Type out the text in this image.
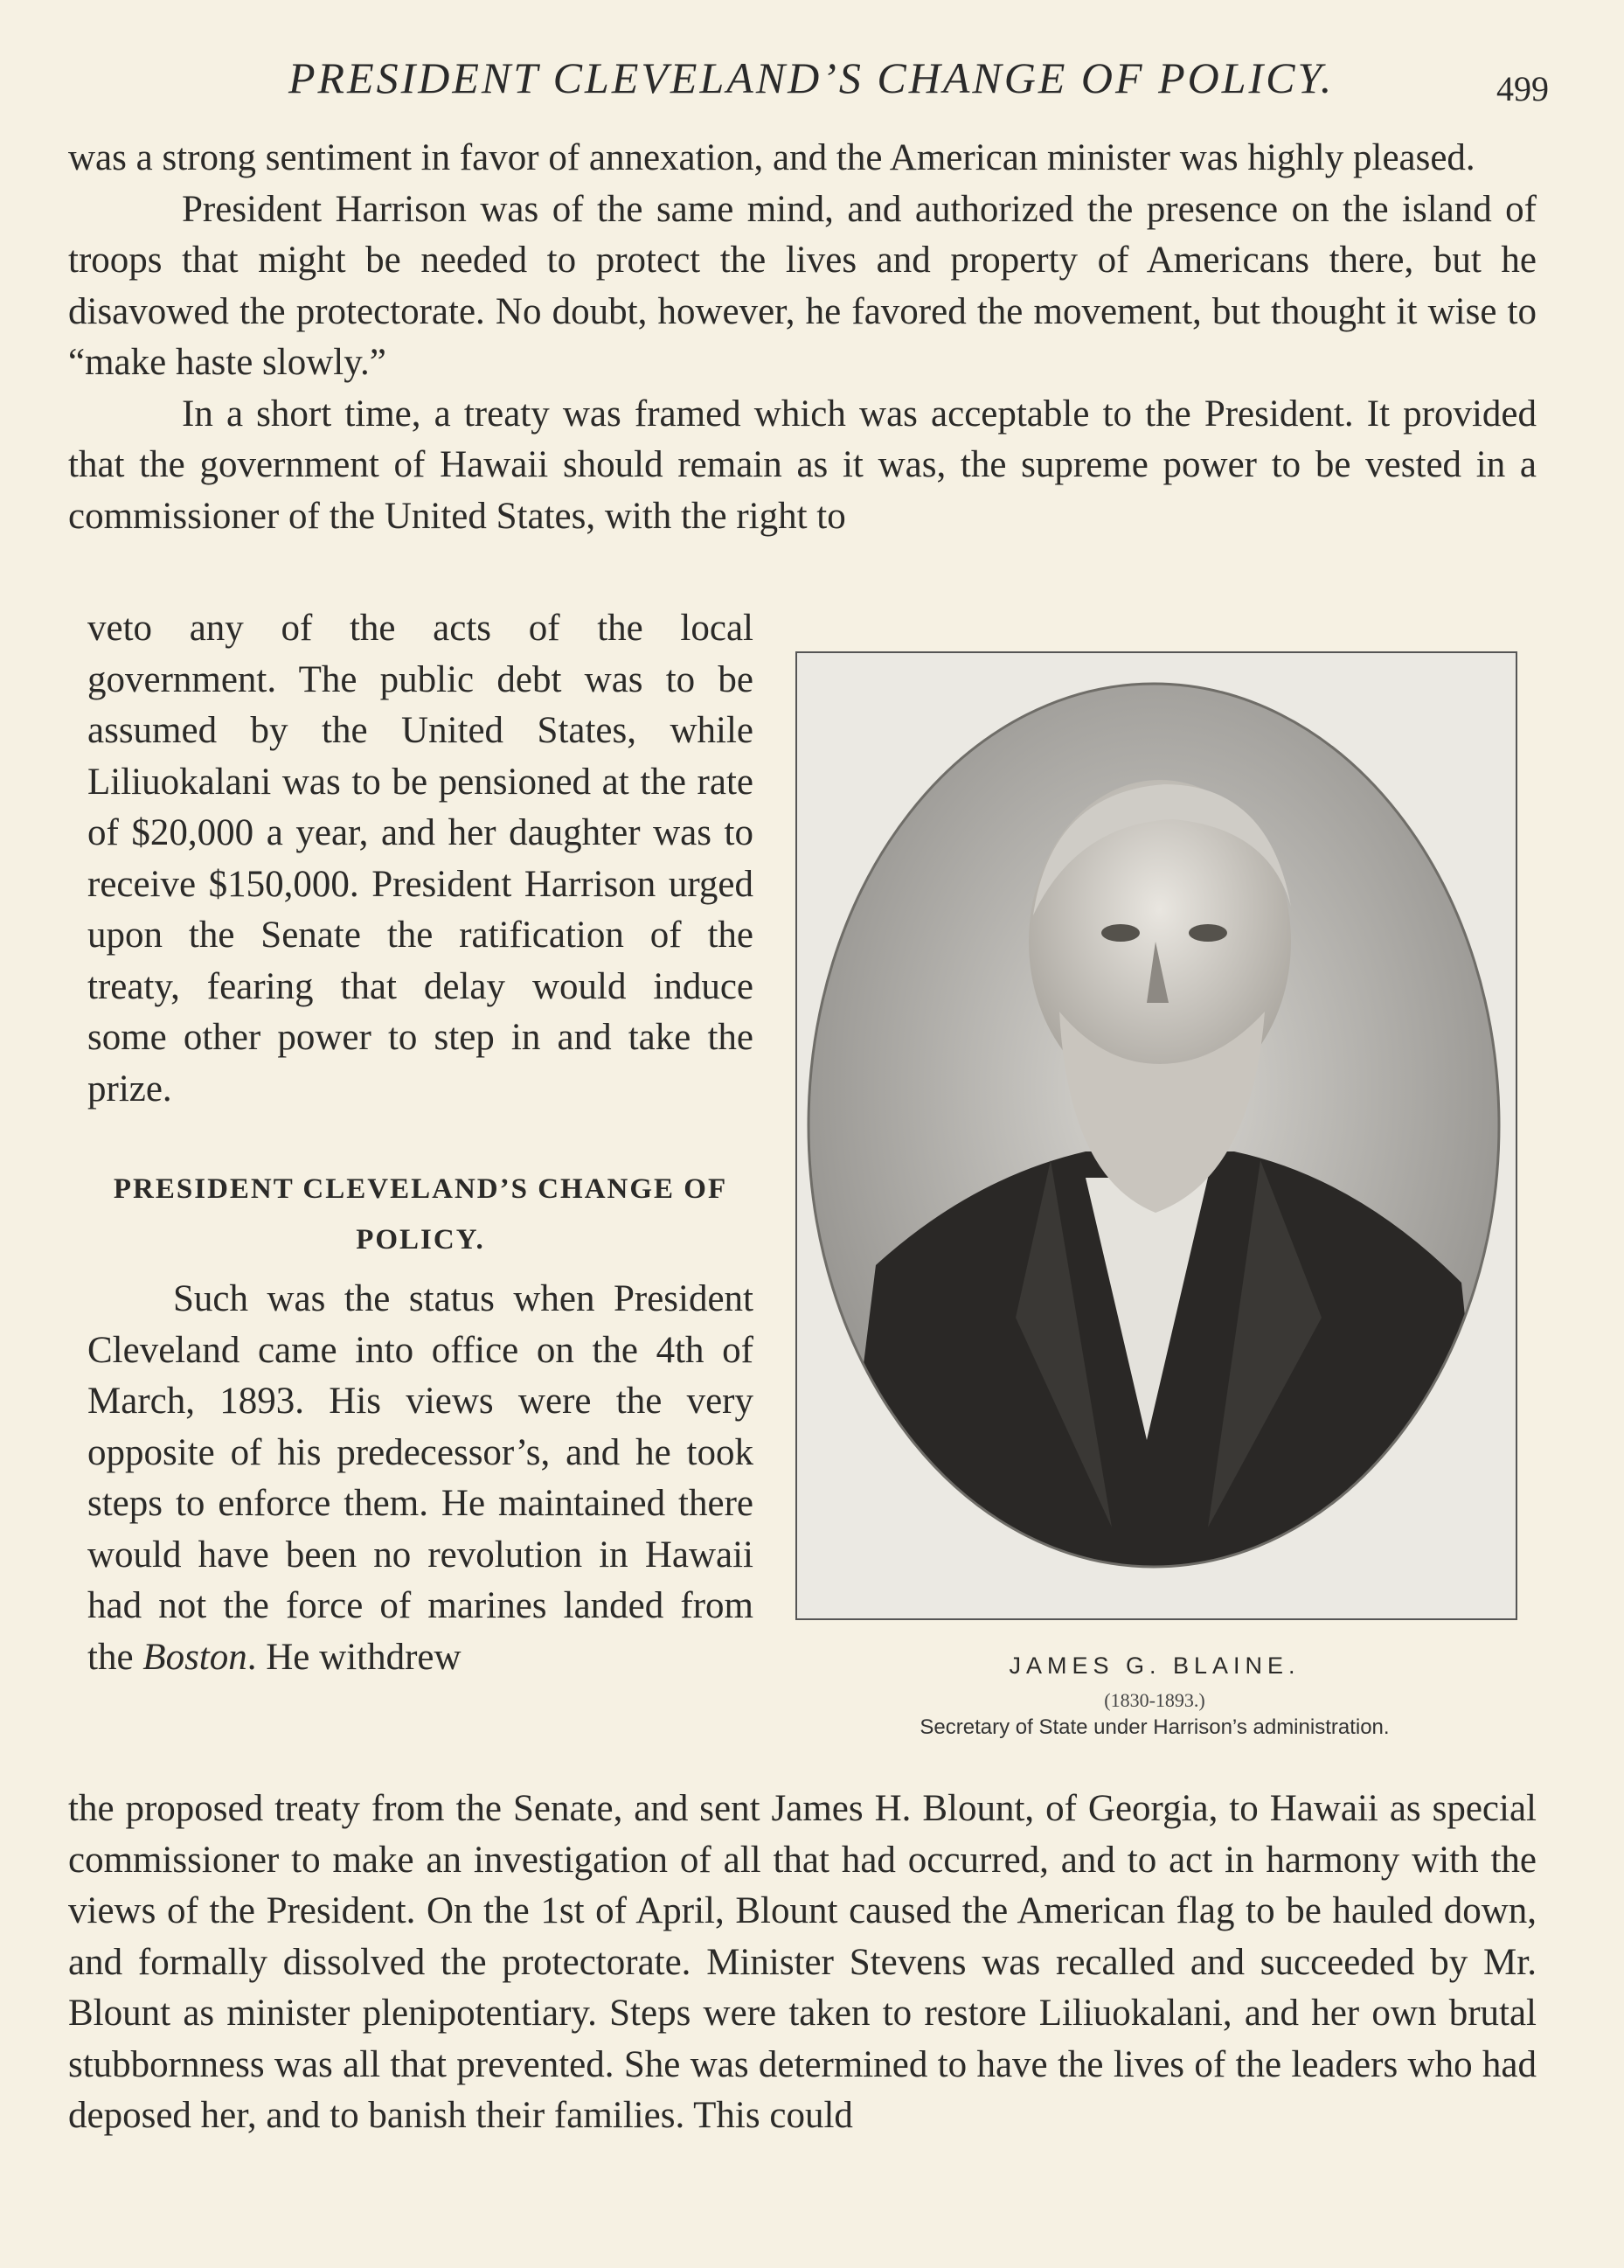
PRESIDENT CLEVELAND’S CHANGE OF POLICY.	499

was a strong sentiment in favor of annexation, and the American minister was highly pleased.

President Harrison was of the same mind, and authorized the presence on the island of troops that might be needed to protect the lives and property of Americans there, but he disavowed the protectorate. No doubt, however, he favored the movement, but thought it wise to “make haste slowly.”

In a short time, a treaty was framed which was acceptable to the President. It provided that the government of Hawaii should remain as it was, the supreme power to be vested in a commissioner of the United States, with the right to

veto any of the acts of the local government. The public debt was to be assumed by the United States, while Liliuokalani was to be pensioned at the rate of $20,000 a year, and her daughter was to receive $150,000. President Harrison urged upon the Senate the ratification of the treaty, fearing that delay would induce some other power to step in and take the prize.

PRESIDENT CLEVELAND’S CHANGE OF POLICY.

Such was the status when President Cleveland came into office on the 4th of March, 1893. His views were the very opposite of his predecessor’s, and he took steps to enforce them. He maintained there would have been no revolution in Hawaii had not the force of marines landed from the Boston. He withdrew	JAMES G. BLAINE.
(1830-1893.)
Secretary of State under Harrison’s administration.

the proposed treaty from the Senate, and sent James H. Blount, of Georgia, to Hawaii as special commissioner to make an investigation of all that had occurred, and to act in harmony with the views of the President. On the 1st of April, Blount caused the American flag to be hauled down, and formally dissolved the protectorate. Minister Stevens was recalled and succeeded by Mr. Blount as minister plenipotentiary. Steps were taken to restore Liliuokalani, and her own brutal stubbornness was all that prevented. She was determined to have the lives of the leaders who had deposed her, and to banish their families. This could
